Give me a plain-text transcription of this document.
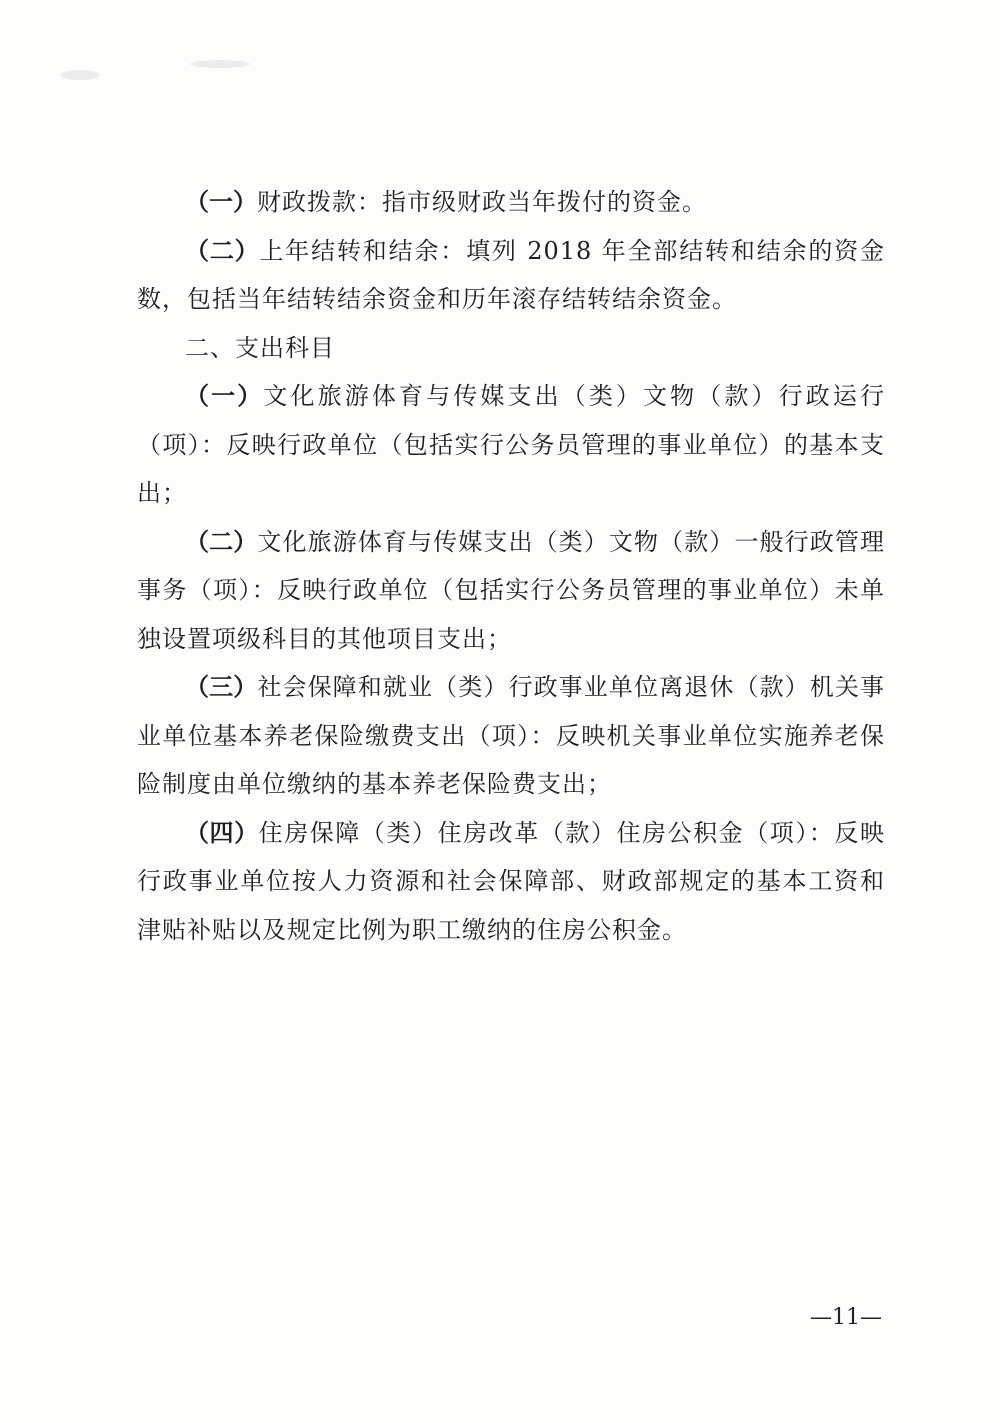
（一）财政拨款：指市级财政当年拨付的资金。

（二）上年结转和结余：填列 2018 年全部结转和结余的资金数，包括当年结转结余资金和历年滚存结转结余资金。

二、支出科目

（一）文化旅游体育与传媒支出（类）文物（款）行政运行（项）：反映行政单位（包括实行公务员管理的事业单位）的基本支出；

（二）文化旅游体育与传媒支出（类）文物（款）一般行政管理事务（项）：反映行政单位（包括实行公务员管理的事业单位）未单独设置项级科目的其他项目支出；

（三）社会保障和就业（类）行政事业单位离退休（款）机关事业单位基本养老保险缴费支出（项）：反映机关事业单位实施养老保险制度由单位缴纳的基本养老保险费支出；

（四）住房保障（类）住房改革（款）住房公积金（项）：反映行政事业单位按人力资源和社会保障部、财政部规定的基本工资和津贴补贴以及规定比例为职工缴纳的住房公积金。

—11—
